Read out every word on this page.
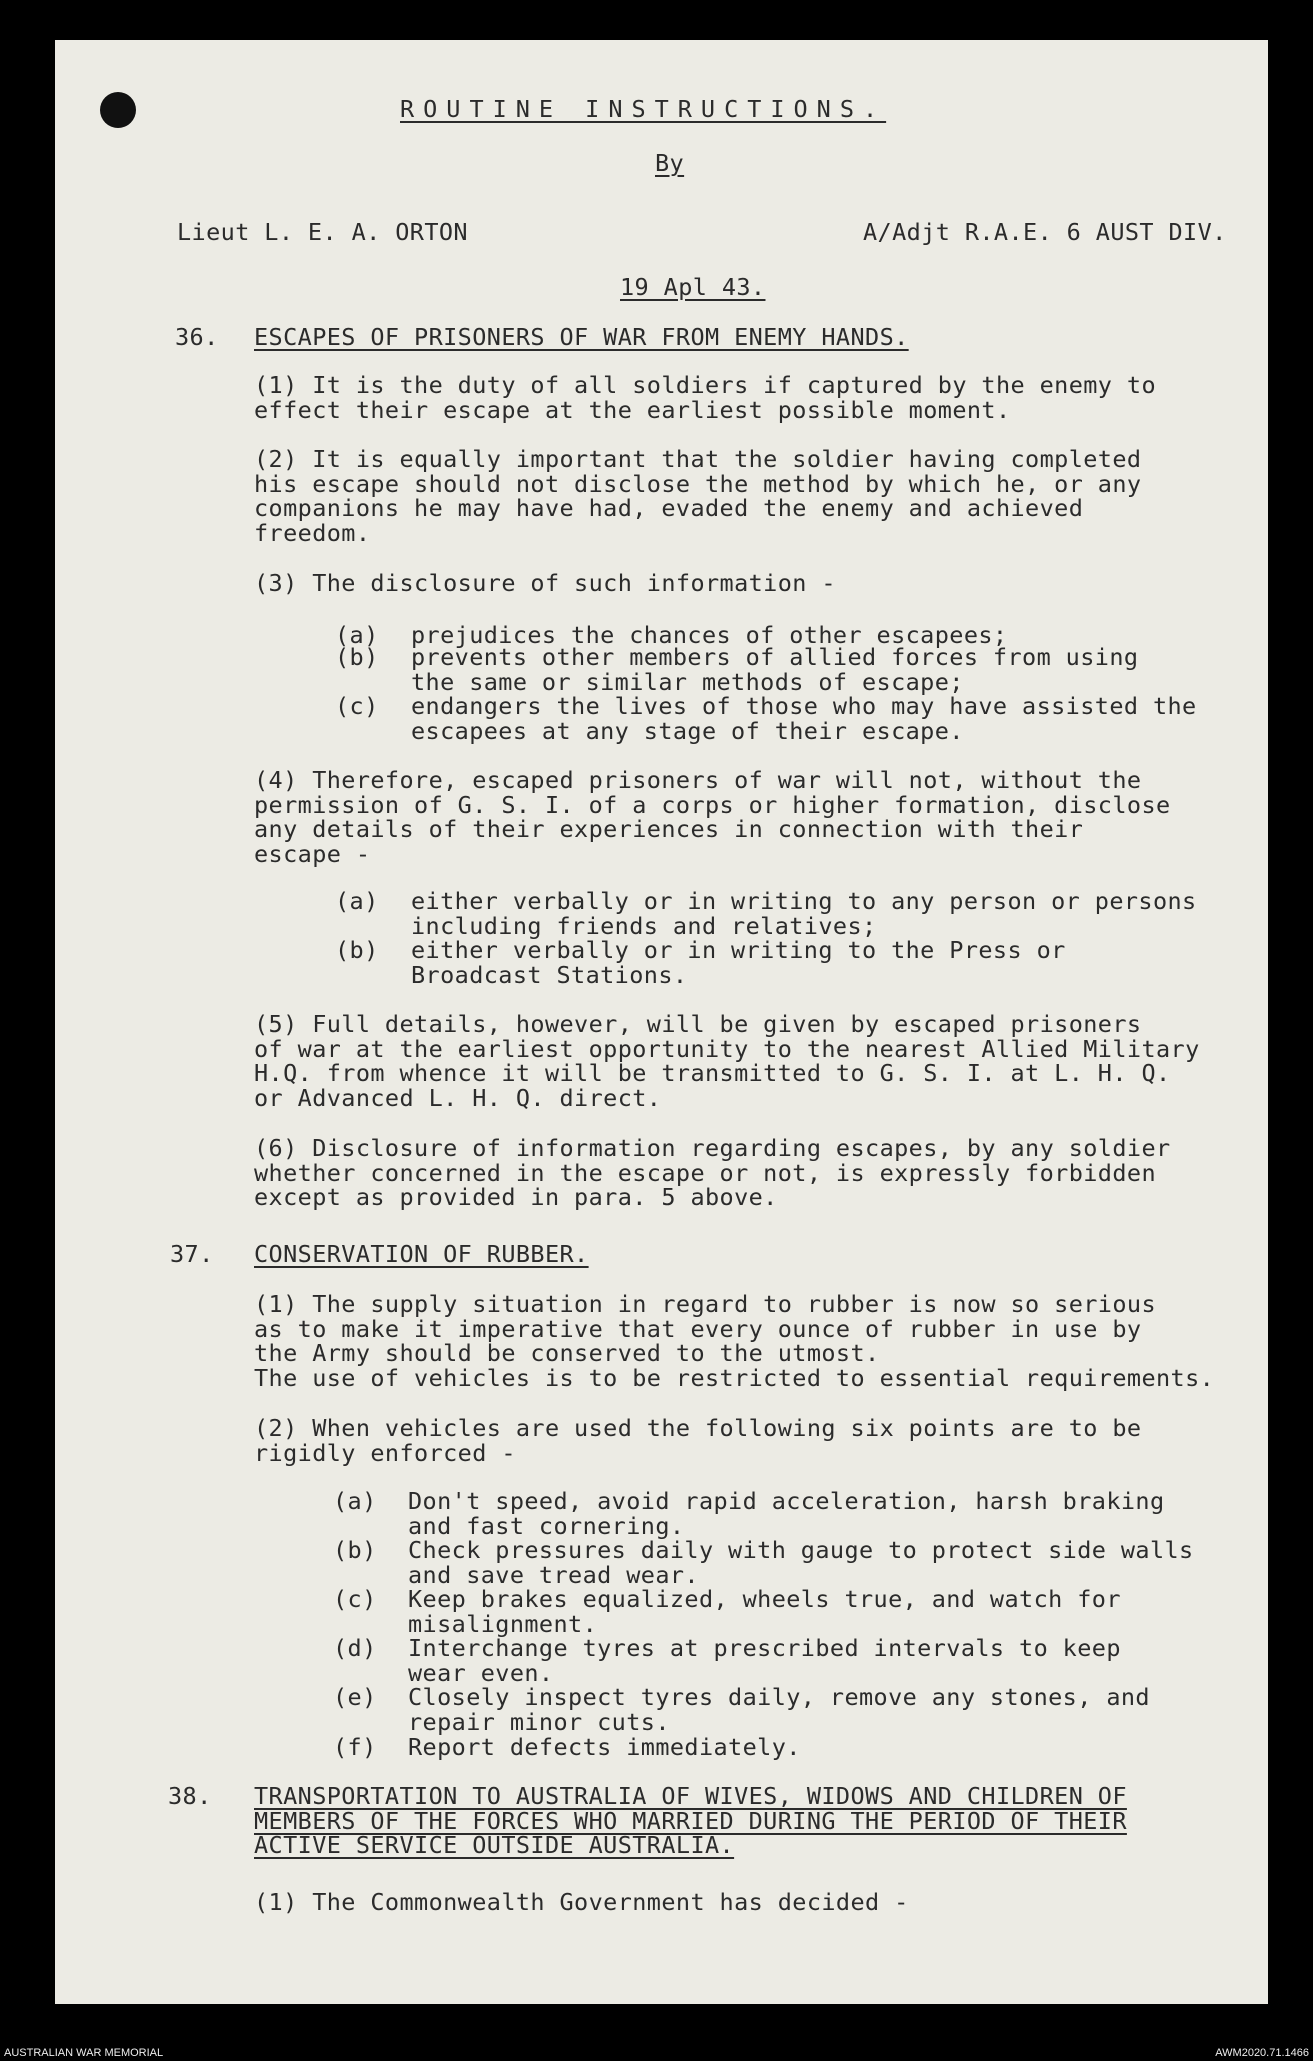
ROUTINE INSTRUCTIONS.
By
Lieut L. E. A. ORTON	A/Adjt R.A.E. 6 AUST DIV.
19 Apl 43.
36. ESCAPES OF PRISONERS OF WAR FROM ENEMY HANDS.
(1) It is the duty of all soldiers if captured by the enemy to
effect their escape at the earliest possible moment.
(2) It is equally important that the soldier having completed
his escape should not disclose the method by which he, or any
companions he may have had, evaded the enemy and achieved
freedom.
(3) The disclosure of such information -
(a) prejudices the chances of other escapees;
(b) prevents other members of allied forces from using
the same or similar methods of escape;
(c) endangers the lives of those who may have assisted the
escapees at any stage of their escape.
(4) Therefore, escaped prisoners of war will not, without the
permission of G. S. I. of a corps or higher formation, disclose
any details of their experiences in connection with their
escape -
(a) either verbally or in writing to any person or persons
including friends and relatives;
(b) either verbally or in writing to the Press or
Broadcast Stations.
(5) Full details, however, will be given by escaped prisoners
of war at the earliest opportunity to the nearest Allied Military
H.Q. from whence it will be transmitted to G. S. I. at L. H. Q.
or Advanced L. H. Q. direct.
(6) Disclosure of information regarding escapes, by any soldier
whether concerned in the escape or not, is expressly forbidden
except as provided in para. 5 above.
37. CONSERVATION OF RUBBER.
(1) The supply situation in regard to rubber is now so serious
as to make it imperative that every ounce of rubber in use by
the Army should be conserved to the utmost.
The use of vehicles is to be restricted to essential requirements.
(2) When vehicles are used the following six points are to be
rigidly enforced -
(a) Don't speed, avoid rapid acceleration, harsh braking
and fast cornering.
(b) Check pressures daily with gauge to protect side walls
and save tread wear.
(c) Keep brakes equalized, wheels true, and watch for
misalignment.
(d) Interchange tyres at prescribed intervals to keep
wear even.
(e) Closely inspect tyres daily, remove any stones, and
repair minor cuts.
(f) Report defects immediately.
38. TRANSPORTATION TO AUSTRALIA OF WIVES, WIDOWS AND CHILDREN OF
MEMBERS OF THE FORCES WHO MARRIED DURING THE PERIOD OF THEIR
ACTIVE SERVICE OUTSIDE AUSTRALIA.
(1) The Commonwealth Government has decided -
AUSTRALIAN WAR MEMORIAL	AWM2020.71.1466
